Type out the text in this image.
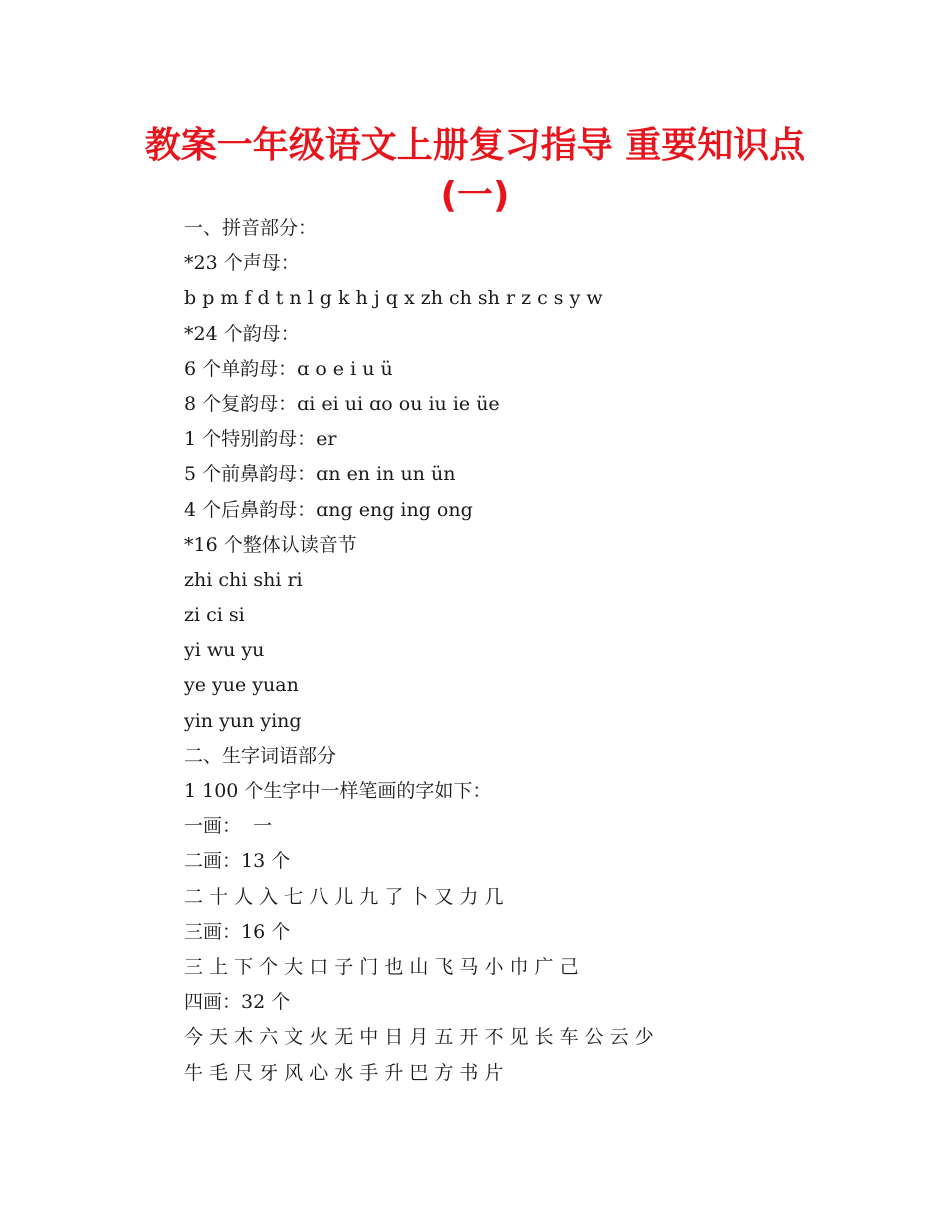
教案一年级语文上册复习指导 重要知识点
(一)

一、拼音部分：

*23 个声母：

b p m f d t n l g k h j q x zh ch sh r z c s y w

*24 个韵母：

6 个单韵母：ɑ o e i u ü

8 个复韵母：ɑi ei ui ɑo ou iu ie üe

1 个特别韵母：er

5 个前鼻韵母：ɑn en in un ün

4 个后鼻韵母：ɑng eng ing ong

*16 个整体认读音节

zhi chi shi ri

zi ci si

yi wu yu

ye yue yuan

yin yun ying

二、生字词语部分

1 100 个生字中一样笔画的字如下：

一画：  一

二画：13 个

二 十 人 入 七 八 儿 九 了 卜 又 力 几

三画：16 个

三 上 下 个 大 口 子 门 也 山 飞 马 小 巾 广 己

四画：32 个

今 天 木 六 文 火 无 中 日 月 五 开 不 见 长 车 公 云 少

牛 毛 尺 牙 风 心 水 手 升 巴 方 书 片
